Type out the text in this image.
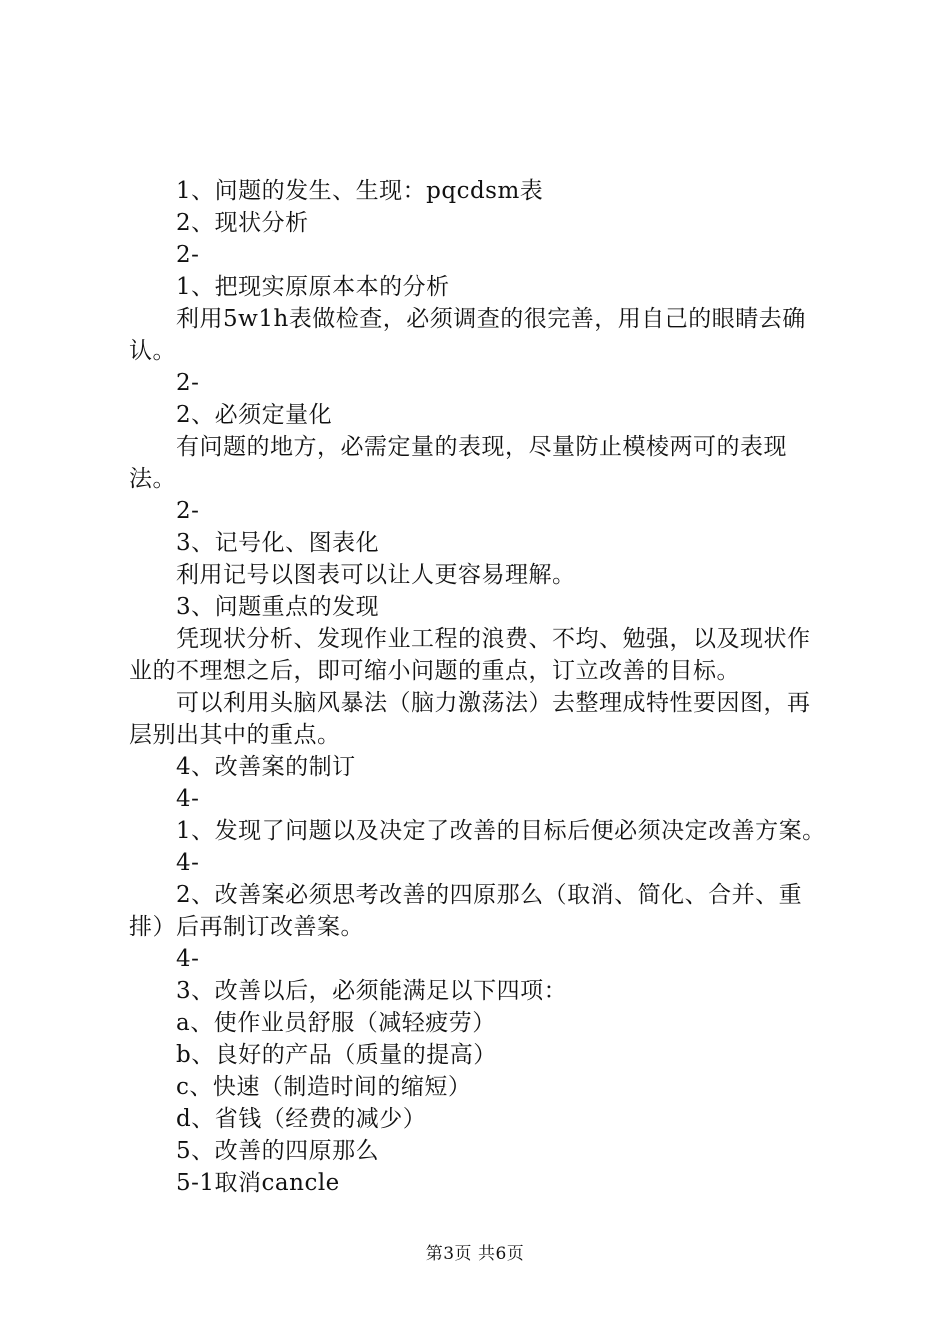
1、问题的发生、生现：pqcdsm表

2、现状分析

2-

1、把现实原原本本的分析

利用5w1h表做检查，必须调查的很完善，用自己的眼睛去确认。

2-

2、必须定量化

有问题的地方，必需定量的表现，尽量防止模棱两可的表现法。

2-

3、记号化、图表化

利用记号以图表可以让人更容易理解。

3、问题重点的发现

凭现状分析、发现作业工程的浪费、不均、勉强，以及现状作业的不理想之后，即可缩小问题的重点，订立改善的目标。

可以利用头脑风暴法（脑力激荡法）去整理成特性要因图，再层别出其中的重点。

4、改善案的制订

4-

1、发现了问题以及决定了改善的目标后便必须决定改善方案。

4-

2、改善案必须思考改善的四原那么（取消、简化、合并、重排）后再制订改善案。

4-

3、改善以后，必须能满足以下四项：

a、使作业员舒服（减轻疲劳）

b、良好的产品（质量的提高）

c、快速（制造时间的缩短）

d、省钱（经费的减少）

5、改善的四原那么

5-1取消cancle

第3页 共6页
